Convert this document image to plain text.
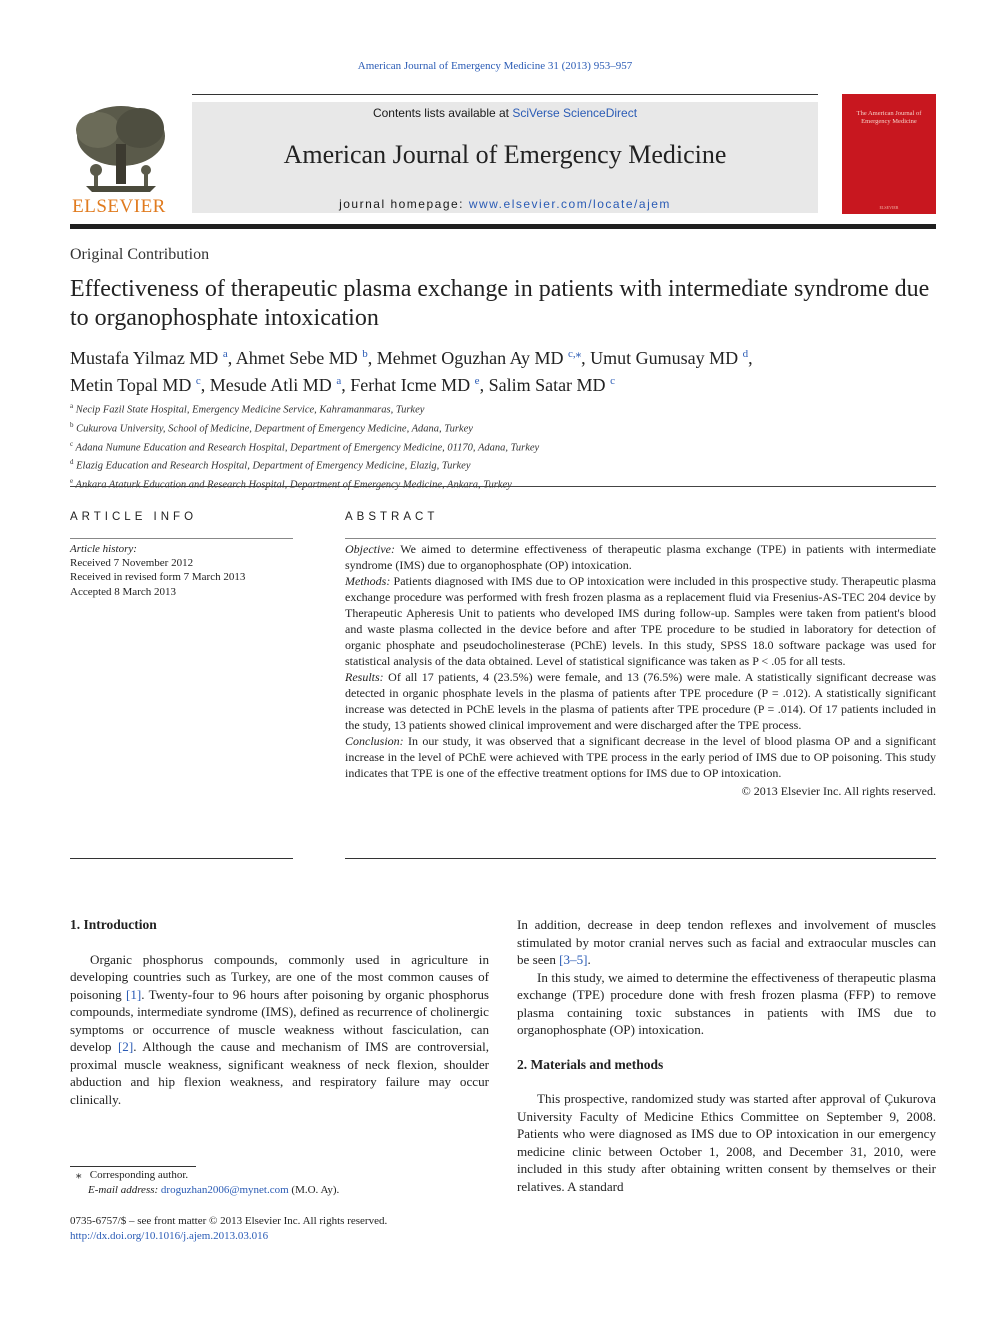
American Journal of Emergency Medicine 31 (2013) 953–957
ELSEVIER
Contents lists available at SciVerse ScienceDirect
American Journal of Emergency Medicine
journal homepage: www.elsevier.com/locate/ajem
The American Journal of Emergency Medicine
ELSEVIER
Original Contribution
Effectiveness of therapeutic plasma exchange in patients with intermediate syndrome due to organophosphate intoxication
Mustafa Yilmaz MD $^a$, Ahmet Sebe MD $^b$, Mehmet Oguzhan Ay MD $^{c,⁎}$, Umut Gumusay MD $^d$,
Metin Topal MD $^c$, Mesude Atli MD $^a$, Ferhat Icme MD $^e$, Salim Satar MD $^c$
$^a$ Necip Fazil State Hospital, Emergency Medicine Service, Kahramanmaras, Turkey
$^b$ Cukurova University, School of Medicine, Department of Emergency Medicine, Adana, Turkey
$^c$ Adana Numune Education and Research Hospital, Department of Emergency Medicine, 01170, Adana, Turkey
$^d$ Elazig Education and Research Hospital, Department of Emergency Medicine, Elazig, Turkey
$^e$
ARTICLE INFO
Article history:
Received 7 November 2012
Received in revised form 7 March 2013
Accepted 8 March 2013
ABSTRACT

Objective: We aimed to determine effectiveness of therapeutic plasma exchange (TPE) in patients with intermediate syndrome (IMS) due to organophosphate (OP) intoxication.

Methods: Patients diagnosed with IMS due to OP intoxication were included in this prospective study. Therapeutic plasma exchange procedure was performed with fresh frozen plasma as a replacement fluid via Fresenius-AS-TEC 204 device by Therapeutic Apheresis Unit to patients who developed IMS during follow-up. Samples were taken from patient's blood and waste plasma collected in the device before and after TPE procedure to be studied in laboratory for detection of organic phosphate and pseudocholinesterase (PChE) levels. In this study, SPSS 18.0 software package was used for statistical analysis of the data obtained. Level of statistical significance was taken as P < .05 for all tests.

Results: Of all 17 patients, 4 (23.5%) were female, and 13 (76.5%) were male. A statistically significant decrease was detected in organic phosphate levels in the plasma of patients after TPE procedure (P = .012). A statistically significant increase was detected in PChE levels in the plasma of patients after TPE procedure (P = .014). Of 17 patients included in the study, 13 patients showed clinical improvement and were discharged after the TPE process.

Conclusion: In our study, it was observed that a significant decrease in the level of blood plasma OP and a significant increase in the level of PChE were achieved with TPE process in the early period of IMS due to OP poisoning. This study indicates that TPE is one of the effective treatment options for IMS due to OP intoxication.

© 2013 Elsevier Inc. All rights reserved.

1. Introduction

Organic phosphorus compounds, commonly used in agriculture in developing countries such as Turkey, are one of the most common causes of poisoning [1]. Twenty-four to 96 hours after poisoning by organic phosphorus compounds, intermediate syndrome (IMS), defined as recurrence of cholinergic symptoms or occurrence of muscle weakness without fasciculation, can develop [2]. Although the cause and mechanism of IMS are controversial, proximal muscle weakness, significant weakness of neck flexion, shoulder abduction and hip flexion weakness, and respiratory failure may occur clinically.

In addition, decrease in deep tendon reflexes and involvement of muscles stimulated by motor cranial nerves such as facial and extraocular muscles can be seen [3–5].

In this study, we aimed to determine the effectiveness of therapeutic plasma exchange (TPE) procedure done with fresh frozen plasma (FFP) to remove plasma containing toxic substances in patients with IMS due to organophosphate (OP) intoxication.

2. Materials and methods

This prospective, randomized study was started after approval of Çukurova University Faculty of Medicine Ethics Committee on September 9, 2008. Patients who were diagnosed as IMS due to OP intoxication in our emergency medicine clinic between October 1, 2008, and December 31, 2010, were included in this study after obtaining written consent by themselves or their relatives. A standard

⁎ Corresponding author.
E-mail address: droguzhan2006@mynet.com (M.O. Ay).
0735-6757/$ – see front matter © 2013 Elsevier Inc. All rights reserved.
http://dx.doi.org/10.1016/j.ajem.2013.03.016
